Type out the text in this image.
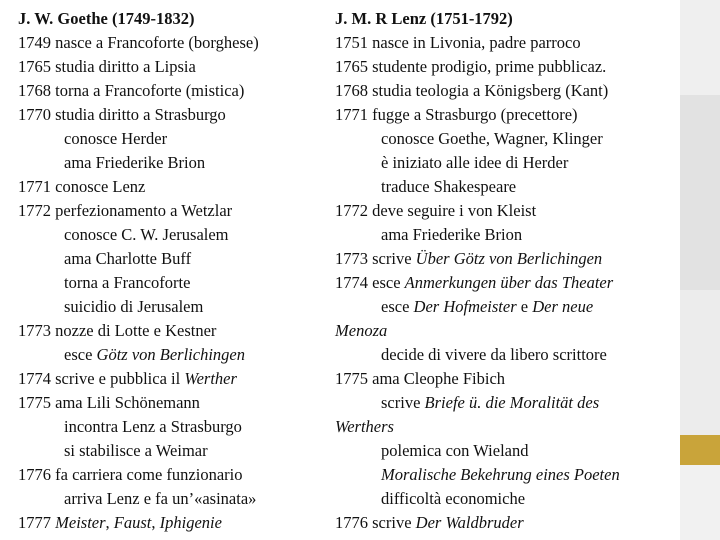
J. W. Goethe (1749-1832)
1749 nasce a Francoforte (borghese)
1765 studia diritto a Lipsia
1768 torna a Francoforte (mistica)
1770 studia diritto a Strasburgo
conosce Herder
ama Friederike Brion
1771 conosce Lenz
1772 perfezionamento a Wetzlar
conosce C. W. Jerusalem
ama Charlotte Buff
torna a Francoforte
suicidio di Jerusalem
1773 nozze di Lotte e Kestner
esce Götz von Berlichingen
1774 scrive e pubblica il Werther
1775 ama Lili Schönemann
incontra Lenz a Strasburgo
si stabilisce a Weimar
1776 fa carriera come funzionario
arriva Lenz e fa un’«asinata»
1777 Meister, Faust, Iphigenie
J. M. R Lenz (1751-1792)
1751 nasce in Livonia, padre parroco
1765 studente prodigio, prime pubblicaz.
1768 studia teologia a Königsberg (Kant)
1771 fugge a Strasburgo (precettore)
conosce Goethe, Wagner, Klinger
è iniziato alle idee di Herder
traduce Shakespeare
1772 deve seguire i von Kleist
ama Friederike Brion
1773 scrive Über Götz von Berlichingen
1774 esce Anmerkungen über das Theater
esce Der Hofmeister e Der neue
Menoza
decide di vivere da libero scrittore
1775 ama Cleophe Fibich
scrive Briefe ü. die Moralität des
Werthers
polemica con Wieland
Moralische Bekehrung eines Poeten
difficoltà economiche
1776 scrive Der Waldbruder
